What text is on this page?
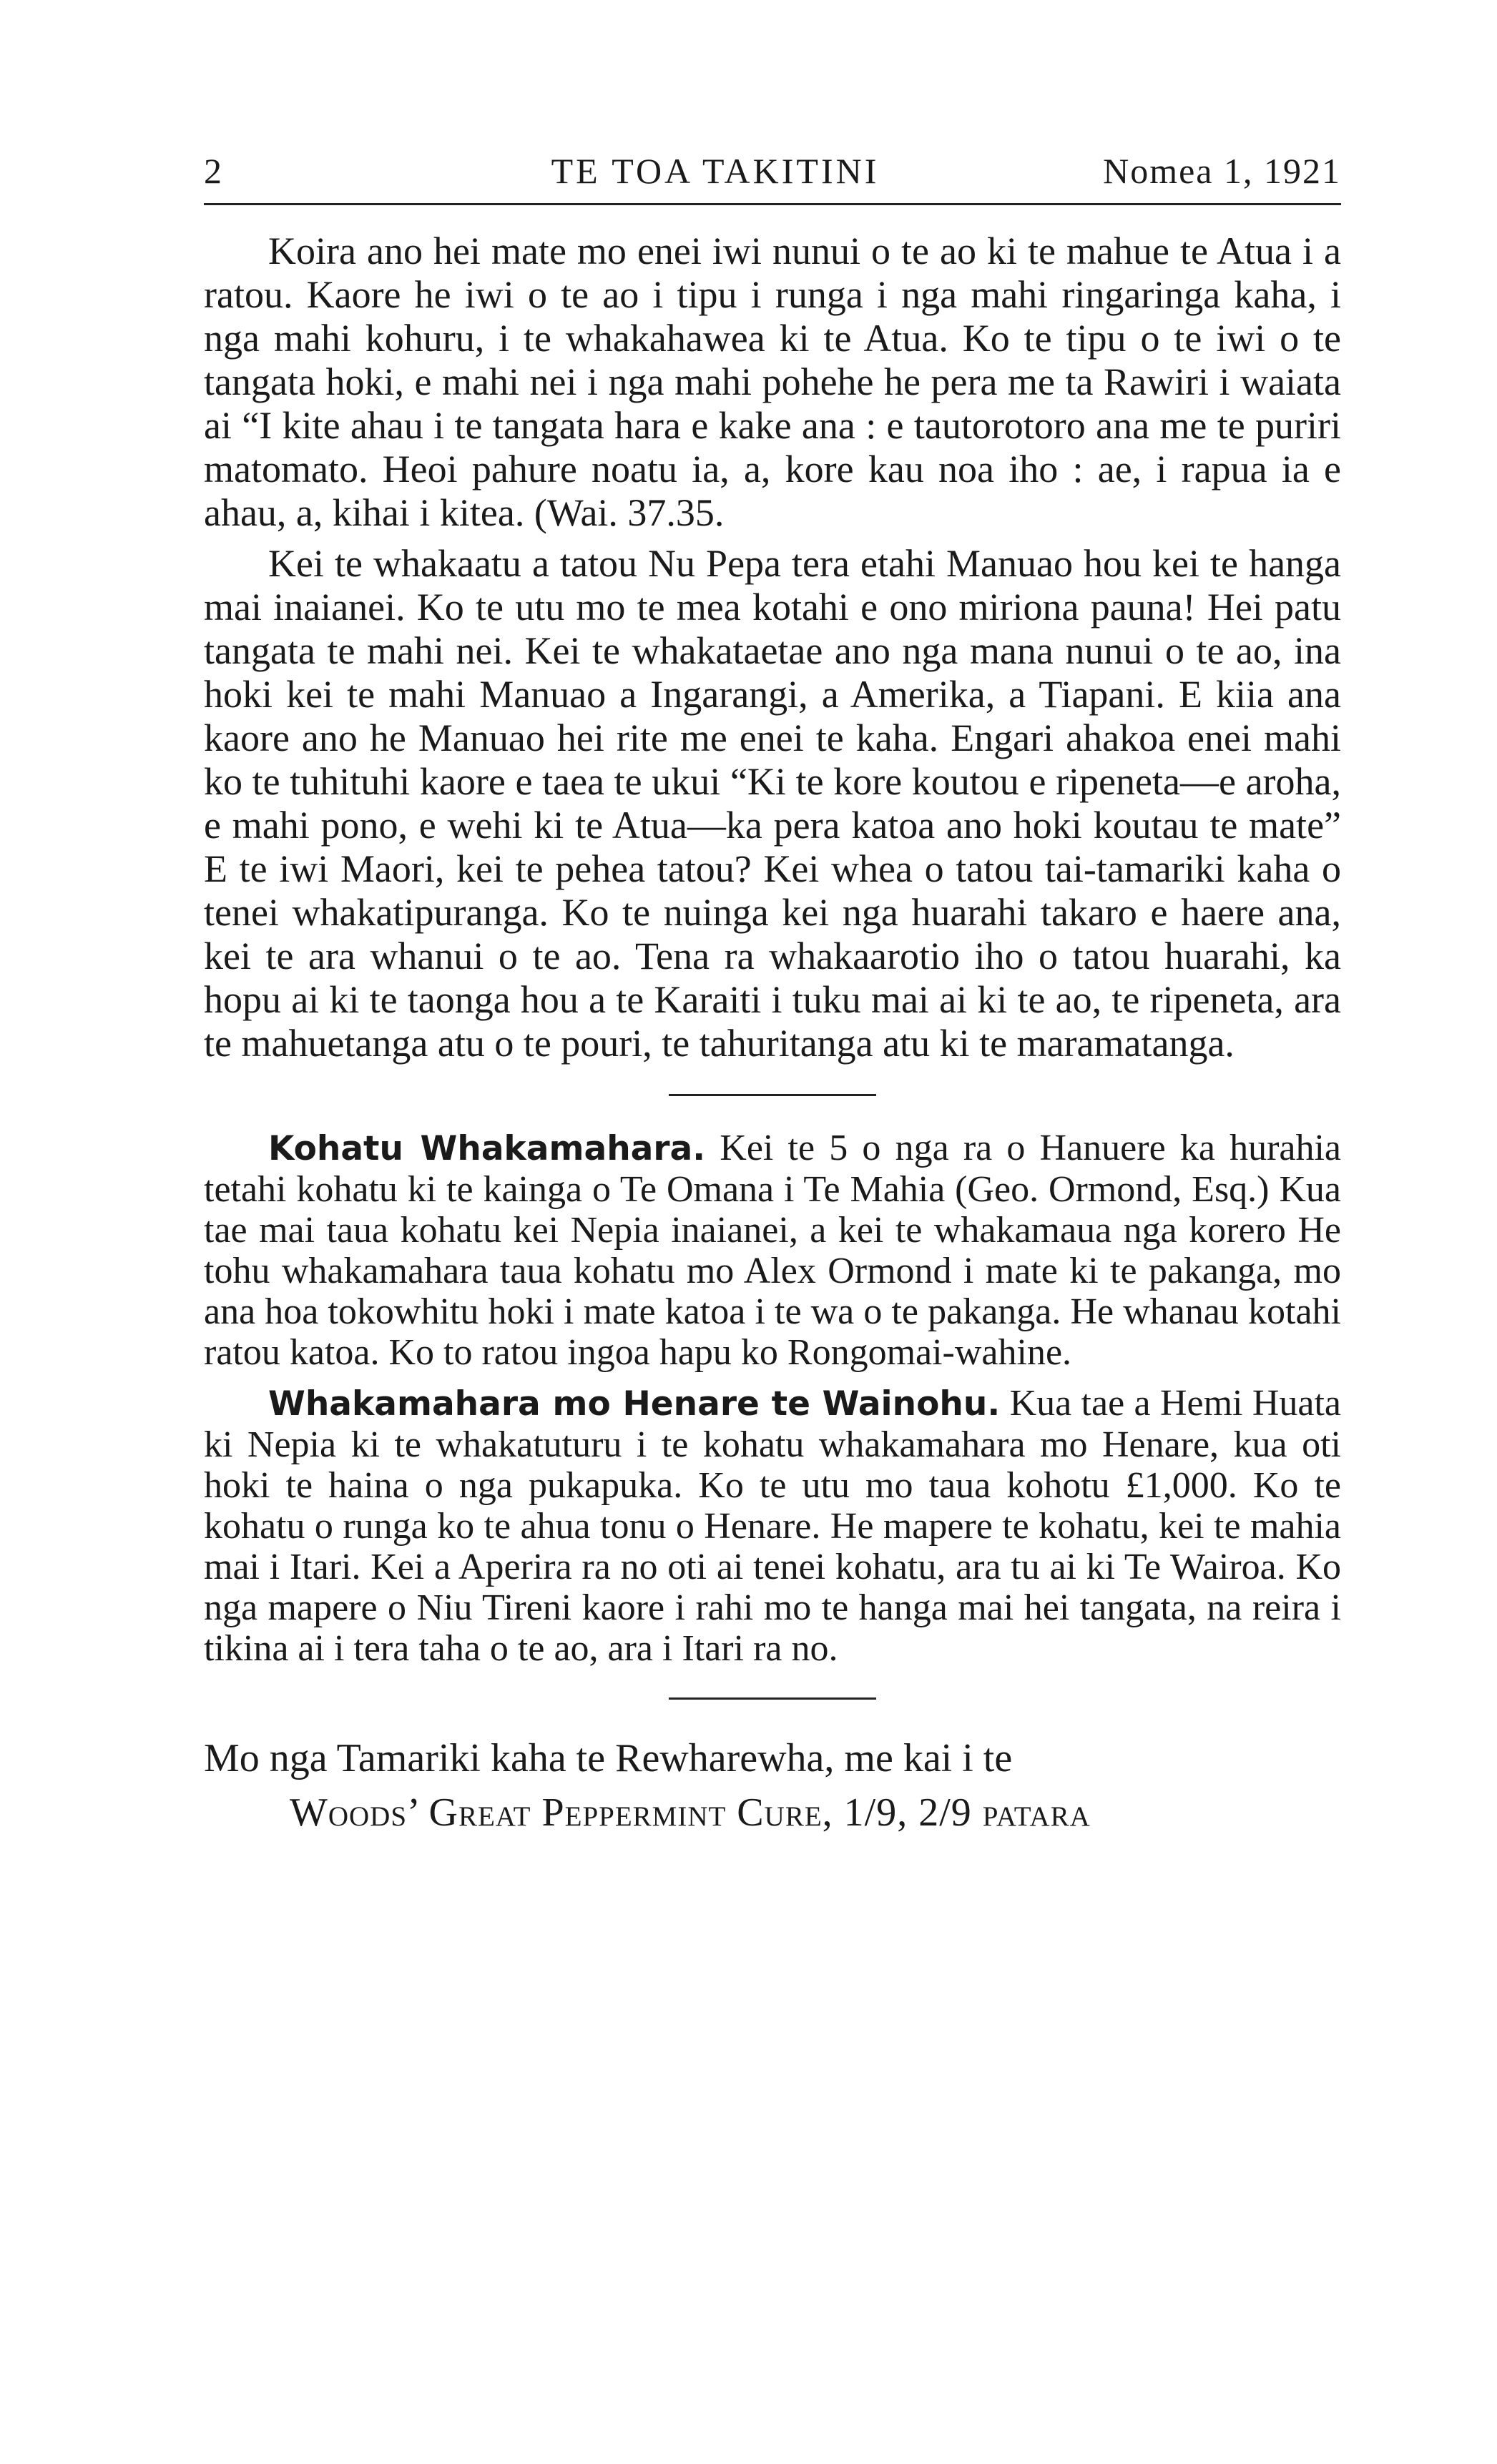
2	TE TOA TAKITINI	Nomea 1, 1921

Koira ano hei mate mo enei iwi nunui o te ao ki te mahue te Atua i a ratou. Kaore he iwi o te ao i tipu i runga i nga mahi ringaringa kaha, i nga mahi kohuru, i te whakahawea ki te Atua. Ko te tipu o te iwi o te tangata hoki, e mahi nei i nga mahi pohehe he pera me ta Rawiri i waiata ai “I kite ahau i te tangata hara e kake ana : e tautorotoro ana me te puriri matomato. Heoi pahure noatu ia, a, kore kau noa iho : ae, i rapua ia e ahau, a, kihai i kitea. (Wai. 37.35.

Kei te whakaatu a tatou Nu Pepa tera etahi Manuao hou kei te hanga mai inaianei. Ko te utu mo te mea kotahi e ono miriona pauna! Hei patu tangata te mahi nei. Kei te whakataetae ano nga mana nunui o te ao, ina hoki kei te mahi Manuao a Ingarangi, a Amerika, a Tiapani. E kiia ana kaore ano he Manuao hei rite me enei te kaha. Engari ahakoa enei mahi ko te tuhituhi kaore e taea te ukui “Ki te kore koutou e ripeneta—e aroha, e mahi pono, e wehi ki te Atua—ka pera katoa ano hoki koutau te mate” E te iwi Maori, kei te pehea tatou? Kei whea o tatou tai-tamariki kaha o tenei whakatipuranga. Ko te nuinga kei nga huarahi takaro e haere ana, kei te ara whanui o te ao. Tena ra whakaarotio iho o tatou huarahi, ka hopu ai ki te taonga hou a te Karaiti i tuku mai ai ki te ao, te ripeneta, ara te mahuetanga atu o te pouri, te tahuritanga atu ki te maramatanga.

Kohatu Whakamahara. Kei te 5 o nga ra o Hanuere ka hurahia tetahi kohatu ki te kainga o Te Omana i Te Mahia (Geo. Ormond, Esq.) Kua tae mai taua kohatu kei Nepia inaianei, a kei te whakamaua nga korero He tohu whakamahara taua kohatu mo Alex Ormond i mate ki te pakanga, mo ana hoa tokowhitu hoki i mate katoa i te wa o te pakanga. He whanau kotahi ratou katoa. Ko to ratou ingoa hapu ko Rongomai-wahine.

Whakamahara mo Henare te Wainohu. Kua tae a Hemi Huata ki Nepia ki te whakatuturu i te kohatu whakamahara mo Henare, kua oti hoki te haina o nga pukapuka. Ko te utu mo taua kohotu £1,000. Ko te kohatu o runga ko te ahua tonu o Henare. He mapere te kohatu, kei te mahia mai i Itari. Kei a Aperira ra no oti ai tenei kohatu, ara tu ai ki Te Wairoa. Ko nga mapere o Niu Tireni kaore i rahi mo te hanga mai hei tangata, na reira i tikina ai i tera taha o te ao, ara i Itari ra no.

Mo nga Tamariki kaha te Rewharewha, me kai i te
Woods’ Great Peppermint Cure, 1/9, 2/9 patara
